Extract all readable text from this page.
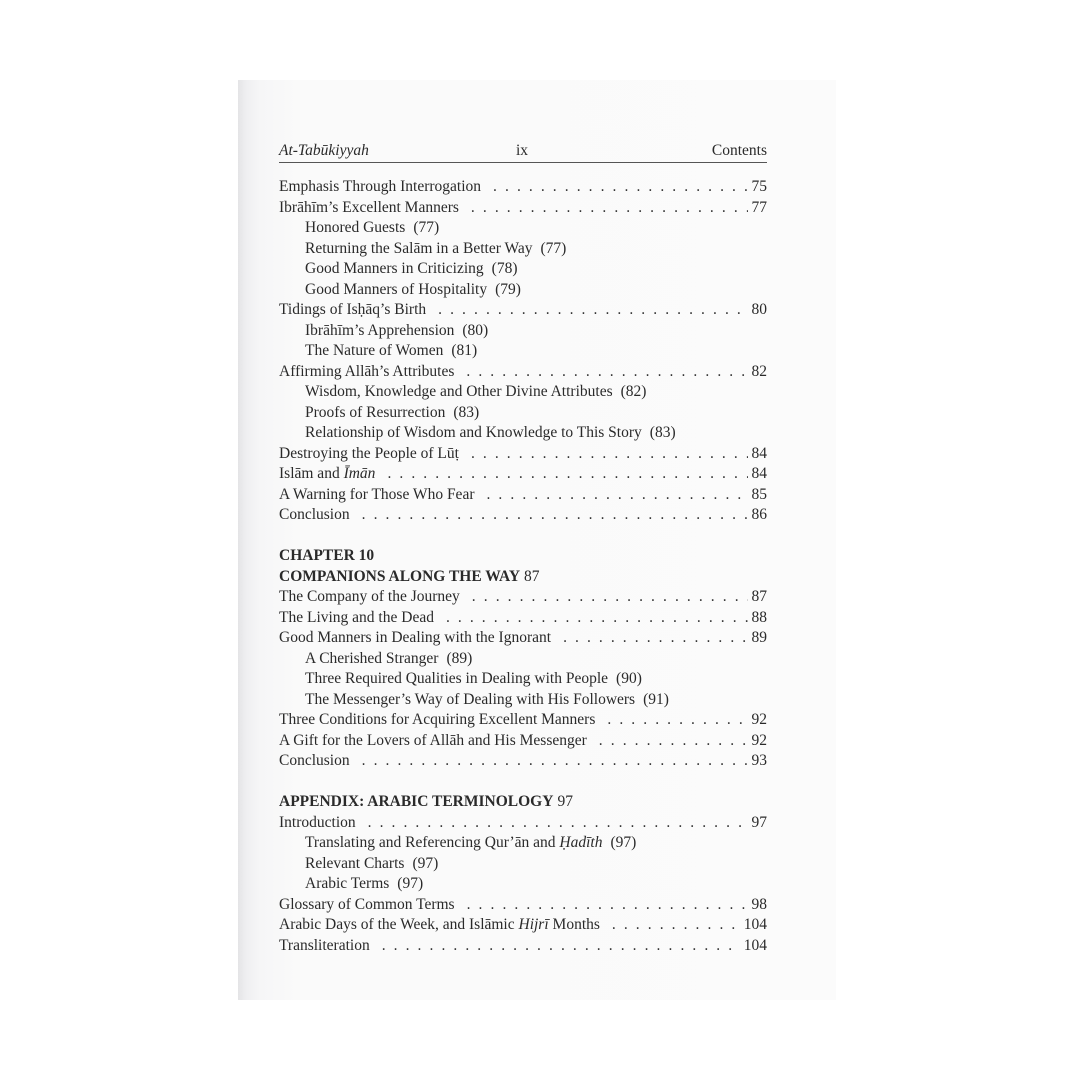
At-Tabūkiyyah	ix	Contents
Emphasis Through Interrogation . . .	75
Ibrāhīm’s Excellent Manners . . .	77
Honored Guests (77)
Returning the Salām in a Better Way (77)
Good Manners in Criticizing (78)
Good Manners of Hospitality (79)
Tidings of Isḥāq’s Birth . . .	80
Ibrāhīm’s Apprehension (80)
The Nature of Women (81)
Affirming Allāh’s Attributes . . .	82
Wisdom, Knowledge and Other Divine Attributes (82)
Proofs of Resurrection (83)
Relationship of Wisdom and Knowledge to This Story (83)
Destroying the People of Lūṭ . . .	84
Islām and Īmān . . .	84
A Warning for Those Who Fear . . .	85
Conclusion . . .	86
CHAPTER 10
COMPANIONS ALONG THE WAY 87
The Company of the Journey . . .	87
The Living and the Dead . . .	88
Good Manners in Dealing with the Ignorant . . .	89
A Cherished Stranger (89)
Three Required Qualities in Dealing with People (90)
The Messenger’s Way of Dealing with His Followers (91)
Three Conditions for Acquiring Excellent Manners . . .	92
A Gift for the Lovers of Allāh and His Messenger . . .	92
Conclusion . . .	93
APPENDIX: ARABIC TERMINOLOGY 97
Introduction . . .	97
Translating and Referencing Qur’ān and Ḥadīth (97)
Relevant Charts (97)
Arabic Terms (97)
Glossary of Common Terms . . .	98
Arabic Days of the Week, and Islāmic Hijrī Months . . .	104
Transliteration . . .	104
